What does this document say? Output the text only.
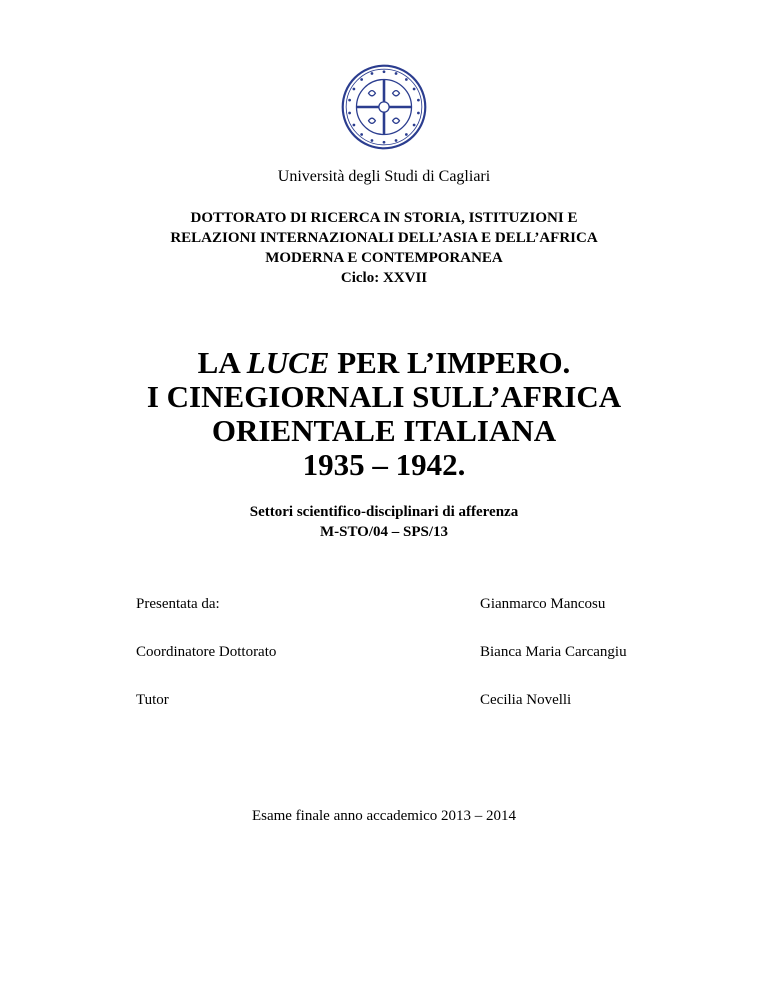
Università degli Studi di Cagliari
DOTTORATO DI RICERCA IN STORIA, ISTITUZIONI E
RELAZIONI INTERNAZIONALI DELL’ASIA E DELL’AFRICA
MODERNA E CONTEMPORANEA
Ciclo: XXVII
LA LUCE PER L’IMPERO.
I CINEGIORNALI SULL’AFRICA
ORIENTALE ITALIANA
1935 – 1942.
Settori scientifico-disciplinari di afferenza
M-STO/04 – SPS/13
Presentata da:	Gianmarco Mancosu
Coordinatore Dottorato	Bianca Maria Carcangiu
Tutor	Cecilia Novelli
Esame finale anno accademico 2013 – 2014
